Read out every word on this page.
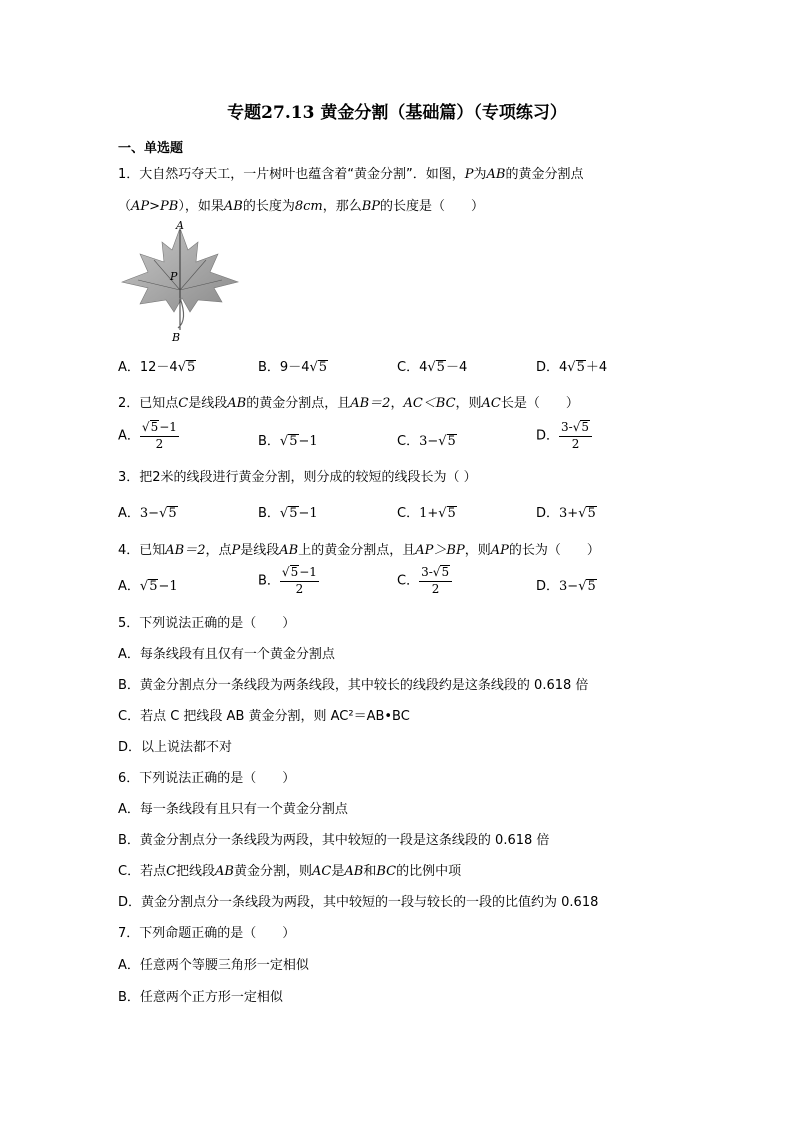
专题27.13 黄金分割（基础篇）（专项练习）
一、单选题
1．大自然巧夺天工，一片树叶也蕴含着“黄金分割”．如图，P为AB的黄金分割点
（AP>PB），如果AB的长度为8cm，那么BP的长度是（　　）
A
P
B
A．12－4√5	B．9－4√5	C．4√5－4	D．4√5＋4
2．已知点C是线段AB的黄金分割点，且AB＝2，AC＜BC，则AC长是（　　）
A． $\frac{√5-1}{2}$	B．√5−1	C．3−√5	D． $\frac{3-√5}{2}$
3．把2米的线段进行黄金分割，则分成的较短的线段长为（ ）
A．3−√5	B．√5−1	C．1+√5	D．3+√5
4．已知AB＝2，点P是线段AB上的黄金分割点，且AP＞BP，则AP的长为（　　）
A．√5−1	B． $\frac{√5-1}{2}$	C． $\frac{3-√5}{2}$	D．3−√5
5．下列说法正确的是（　　）
A．每条线段有且仅有一个黄金分割点
B．黄金分割点分一条线段为两条线段，其中较长的线段约是这条线段的 0.618 倍
C．若点 C 把线段 AB 黄金分割，则 AC²＝AB•BC
D．以上说法都不对
6．下列说法正确的是（　　）
A．每一条线段有且只有一个黄金分割点
B．黄金分割点分一条线段为两段，其中较短的一段是这条线段的 0.618 倍
C．若点C把线段AB黄金分割，则AC是AB和BC的比例中项
D．黄金分割点分一条线段为两段，其中较短的一段与较长的一段的比值约为 0.618
7．下列命题正确的是（　　）
A．任意两个等腰三角形一定相似
B．任意两个正方形一定相似
